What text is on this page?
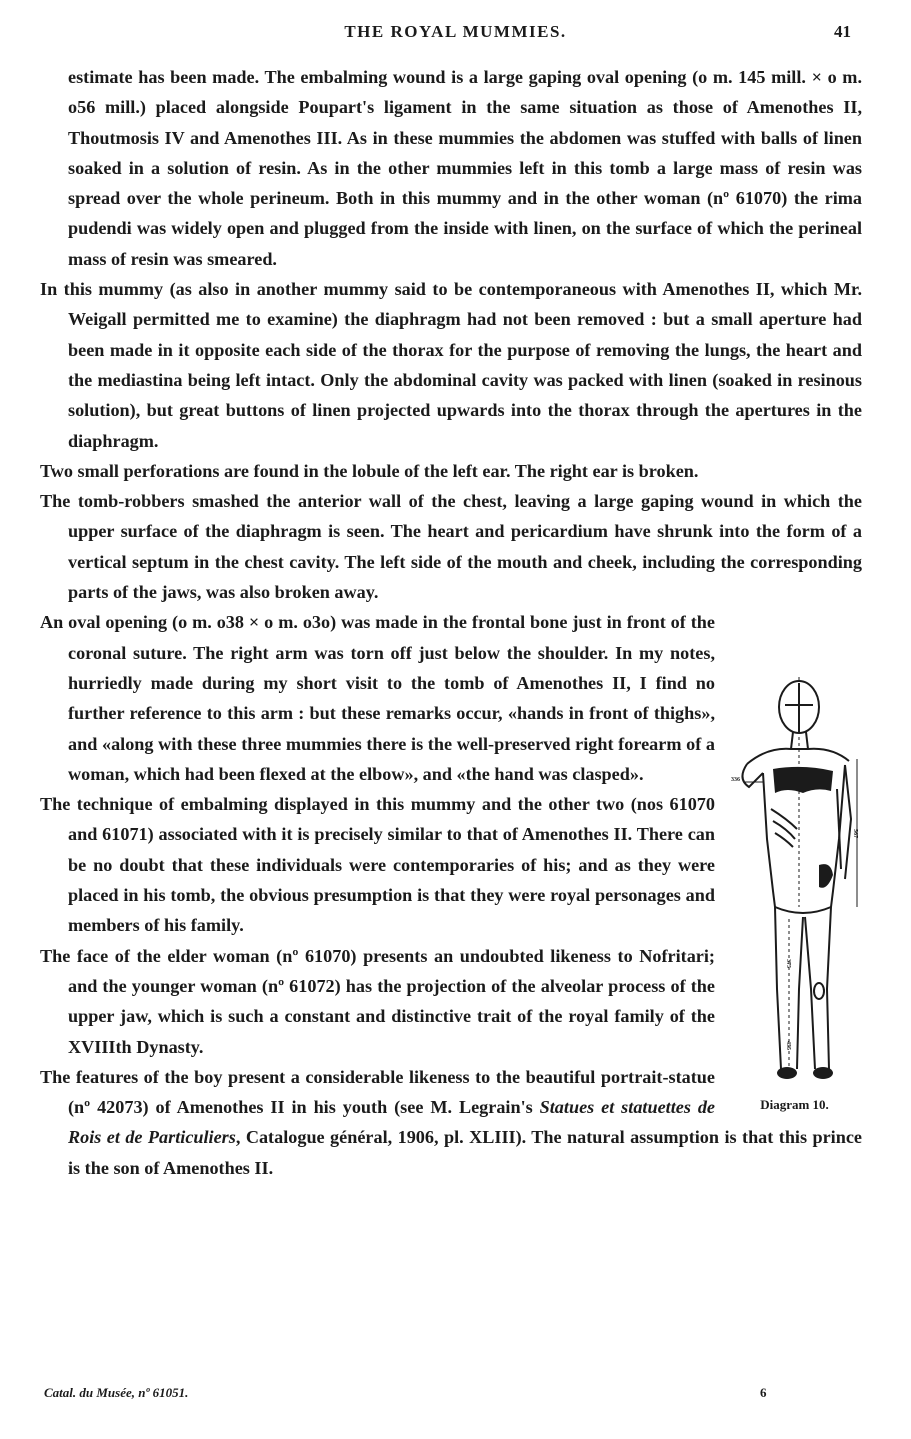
THE ROYAL MUMMIES.	41

estimate has been made. The embalming wound is a large gaping oval opening (o m. 145 mill. × o m. o56 mill.) placed alongside Poupart's ligament in the same situation as those of Amenothes II, Thoutmosis IV and Amenothes III. As in these mummies the abdomen was stuffed with balls of linen soaked in a solution of resin. As in the other mummies left in this tomb a large mass of resin was spread over the whole perineum. Both in this mummy and in the other woman (nº 61070) the rima pudendi was widely open and plugged from the inside with linen, on the surface of which the perineal mass of resin was smeared.

In this mummy (as also in another mummy said to be contemporaneous with Amenothes II, which Mr. Weigall permitted me to examine) the diaphragm had not been removed : but a small aperture had been made in it opposite each side of the thorax for the purpose of removing the lungs, the heart and the mediastina being left intact. Only the abdominal cavity was packed with linen (soaked in resinous solution), but great buttons of linen projected upwards into the thorax through the apertures in the diaphragm.

Two small perforations are found in the lobule of the left ear. The right ear is broken.

The tomb-robbers smashed the anterior wall of the chest, leaving a large gaping wound in which the upper surface of the diaphragm is seen. The heart and pericardium have shrunk into the form of a vertical septum in the chest cavity. The left side of the mouth and cheek, including the corresponding parts of the jaws, was also broken away.

336
567
375
455
Diagram 10.

An oval opening (o m. o38 × o m. o3o) was made in the frontal bone just in front of the coronal suture. The right arm was torn off just below the shoulder. In my notes, hurriedly made during my short visit to the tomb of Amenothes II, I find no further reference to this arm : but these remarks occur, «hands in front of thighs», and «along with these three mummies there is the well-preserved right forearm of a woman, which had been flexed at the elbow», and «the hand was clasped».

The technique of embalming displayed in this mummy and the other two (nos 61070 and 61071) associated with it is precisely similar to that of Amenothes II. There can be no doubt that these individuals were contemporaries of his; and as they were placed in his tomb, the obvious presumption is that they were royal personages and members of his family.

The face of the elder woman (nº 61070) presents an undoubted likeness to Nofritari; and the younger woman (nº 61072) has the projection of the alveolar process of the upper jaw, which is such a constant and distinctive trait of the royal family of the XVIIIth Dynasty.

The features of the boy present a considerable likeness to the beautiful portrait-statue (nº 42073) of Amenothes II in his youth (see M. Legrain's Statues et statuettes de Rois et de Particuliers, Catalogue général, 1906, pl. XLIII). The natural assumption is that this prince is the son of Amenothes II.

Catal. du Musée, nº 61051.	6
